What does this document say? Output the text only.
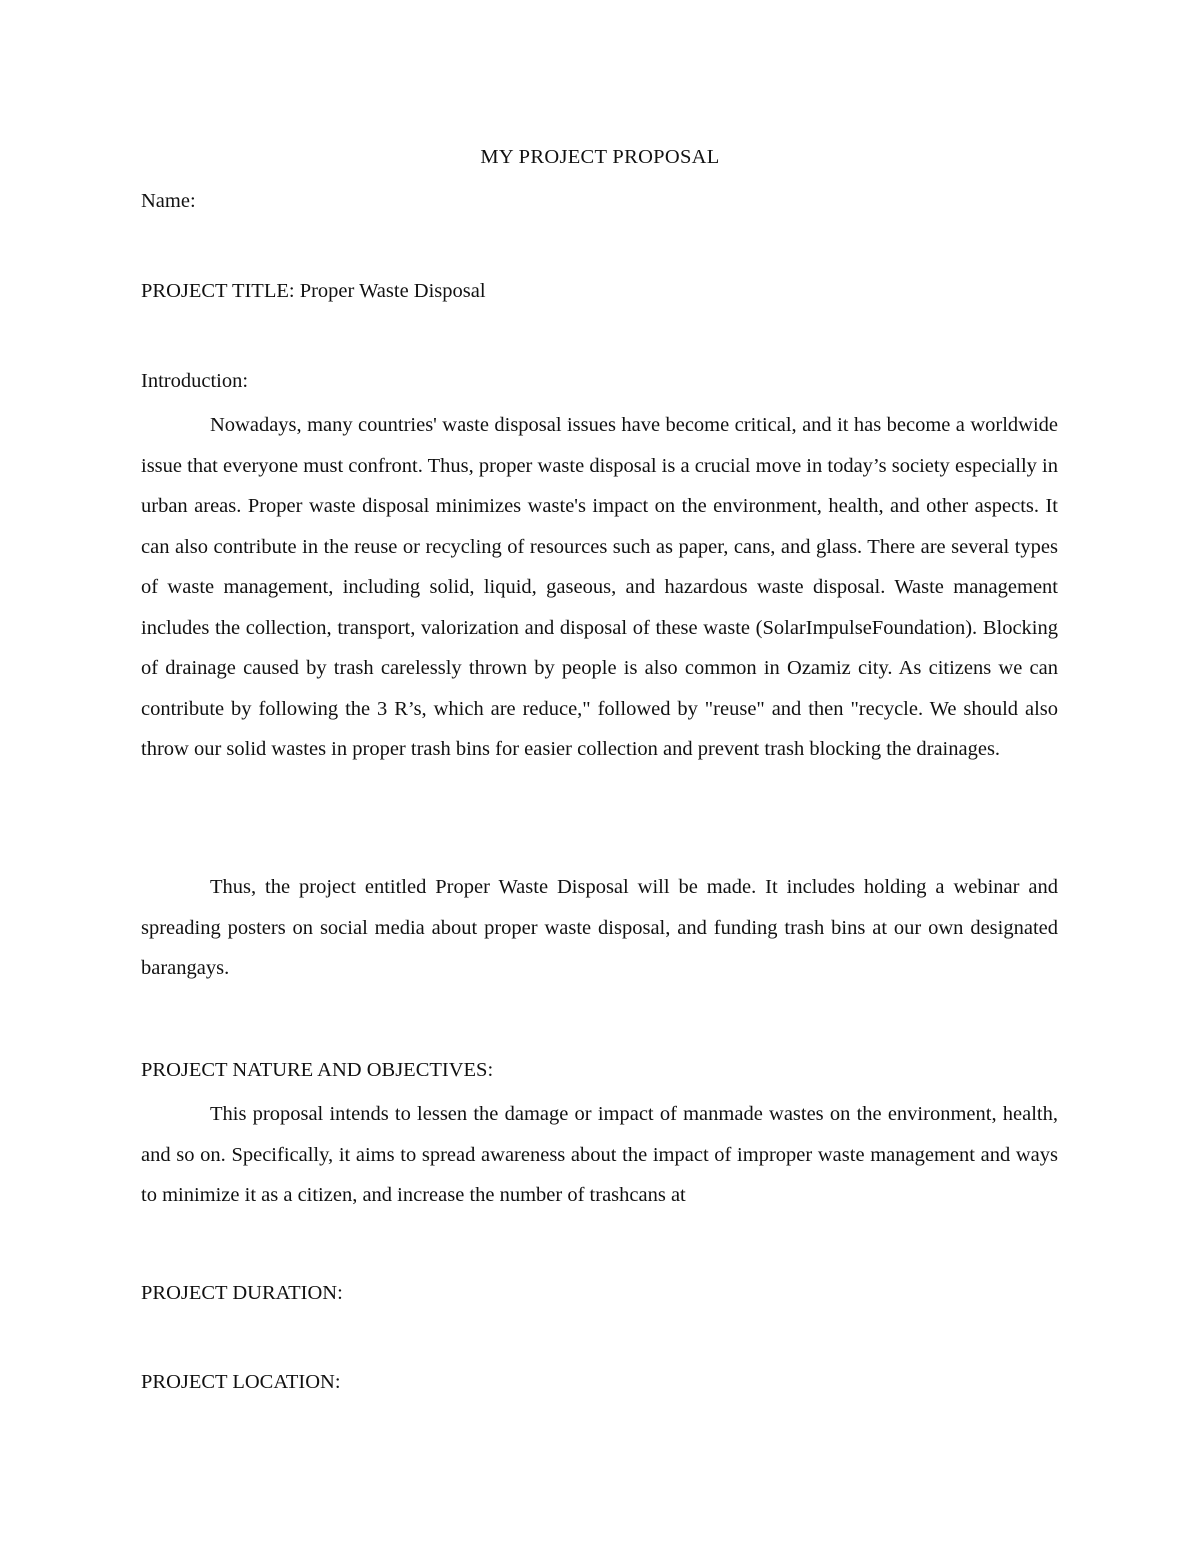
MY PROJECT PROPOSAL
Name:
PROJECT TITLE: Proper Waste Disposal
Introduction:

Nowadays, many countries' waste disposal issues have become critical, and it has become a worldwide issue that everyone must confront. Thus, proper waste disposal is a crucial move in today’s society especially in urban areas. Proper waste disposal minimizes waste's impact on the environment, health, and other aspects. It can also contribute in the reuse or recycling of resources such as paper, cans, and glass. There are several types of waste management, including solid, liquid, gaseous, and hazardous waste disposal. Waste management includes the collection, transport, valorization and disposal of these waste (SolarImpulseFoundation). Blocking of drainage caused by trash carelessly thrown by people is also common in Ozamiz city. As citizens we can contribute by following the 3 R’s, which are reduce," followed by "reuse" and then "recycle. We should also throw our solid wastes in proper trash bins for easier collection and prevent trash blocking the drainages.

Thus, the project entitled Proper Waste Disposal will be made. It includes holding a webinar and spreading posters on social media about proper waste disposal, and funding trash bins at our own designated barangays.

PROJECT NATURE AND OBJECTIVES:

This proposal intends to lessen the damage or impact of manmade wastes on the environment, health, and so on. Specifically, it aims to spread awareness about the impact of improper waste management and ways to minimize it as a citizen, and increase the number of trashcans at

PROJECT DURATION:
PROJECT LOCATION:
